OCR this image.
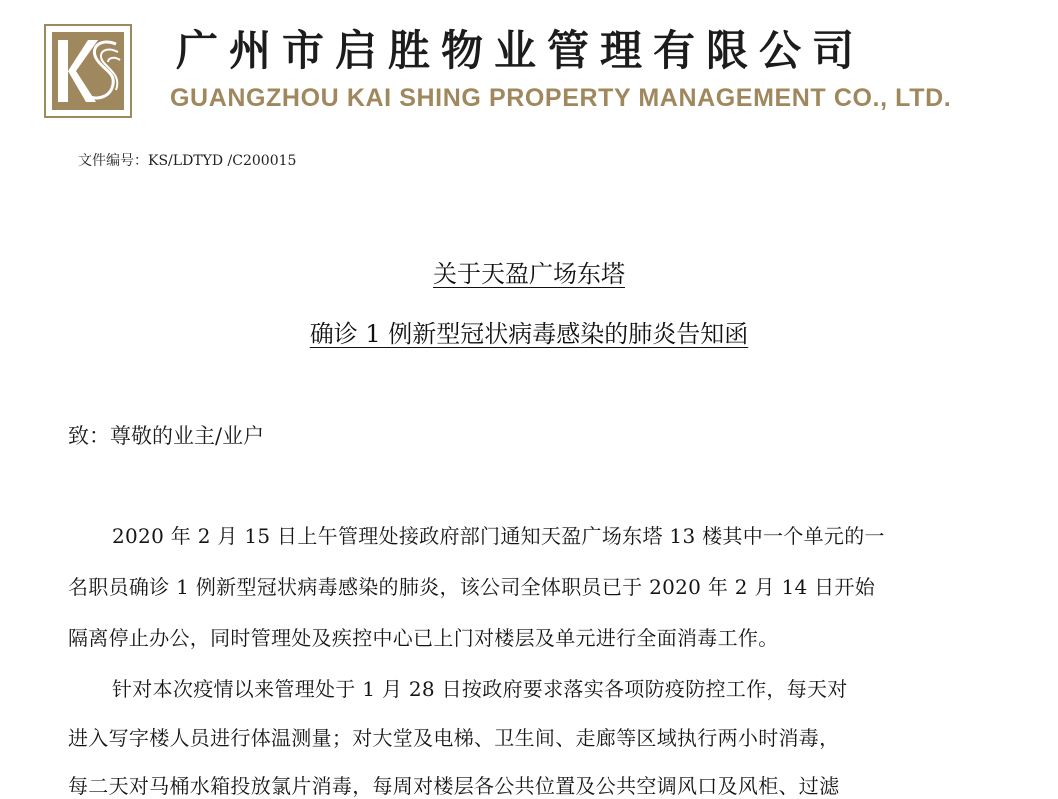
广州市启胜物业管理有限公司
GUANGZHOU KAI SHING PROPERTY MANAGEMENT CO., LTD.
文件编号：KS/LDTYD /C200015
关于天盈广场东塔
确诊 1 例新型冠状病毒感染的肺炎告知函
致：尊敬的业主/业户
2020 年 2 月 15 日上午管理处接政府部门通知天盈广场东塔 13 楼其中一个单元的一
名职员确诊 1 例新型冠状病毒感染的肺炎，该公司全体职员已于 2020 年 2 月 14 日开始
隔离停止办公，同时管理处及疾控中心已上门对楼层及单元进行全面消毒工作。
针对本次疫情以来管理处于 1 月 28 日按政府要求落实各项防疫防控工作，每天对
进入写字楼人员进行体温测量；对大堂及电梯、卫生间、走廊等区域执行两小时消毒，
每二天对马桶水箱投放氯片消毒，每周对楼层各公共位置及公共空调风口及风柜、过滤
